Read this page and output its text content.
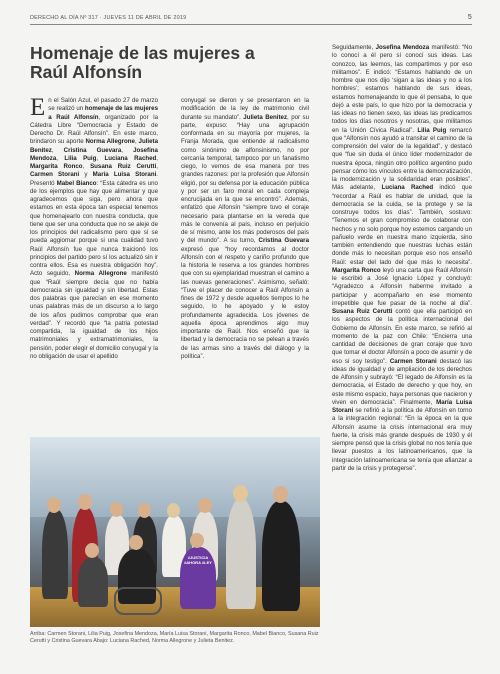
DERECHO AL DÍA Nº 317 · JUEVES 11 DE ABRIL DE 2019	5
Homenaje de las mujeres a Raúl Alfonsín

En el Salón Azul, el pasado 27 de marzo se realizó un homenaje de las mujeres a Raúl Alfonsín, organizado por la Cátedra Libre “Democracia y Estado de Derecho Dr. Raúl Alfonsín”. En este marco, brindaron su aporte Norma Allegrone, Julieta Benitez, Cristina Guevara, Josefina Mendoza, Lilia Puig, Luciana Rached, Margarita Ronco, Susana Ruiz Cerutti, Carmen Storani y María Luisa Storani. Presentó Mabel Bianco: “Esta cátedra es uno de los ejemplos que hay que alimentar y que agradecemos que siga, pero ahora que estamos en esta época tan especial tenemos que homenajearlo con nuestra conducta, que tiene que ser una conducta que no se aleje de los principios del radicalismo pero que sí se pueda aggiornar porque si una cualidad tuvo Raúl Alfonsín fue que nunca traicionó los principios del partido pero sí los actualizó sin ir contra ellos. Esa es nuestra obligación hoy”. Acto seguido, Norma Allegrone manifestó que “Raúl siempre decía que no había democracia sin igualdad y sin libertad. Estas dos palabras que parecían en ese momento unas palabras más de un discurso a lo largo de los años pudimos comprobar que eran verdad”. Y recordó que “la patria potestad compartida, la igualdad de los hijos matrimoniales y extramatrimoniales, la pensión, poder elegir el domicilio conyugal y la no obligación de usar el apellido

conyugal se dieron y se presentaron en la modificación de la ley de matrimonio civil durante su mandato”. Julieta Benitez, por su parte, expuso: “Hay una agrupación conformada en su mayoría por mujeres, la Franja Morada, que entiende al radicalismo como sinónimo de alfonsinismo, no por cercanía temporal, tampoco por un fanatismo ciego, lo vemos de esa manera por tres grandes razones: por la profesión que Alfonsín eligió, por su defensa por la educación pública y por ser un faro moral en cada compleja encrucijada en la que se encontró”. Además, enfatizó que Alfonsín “siempre tuvo el coraje necesario para plantarse en la vereda que más le convenía al país, incluso en perjuicio de sí mismo, ante los más poderosos del país y del mundo”. A su turno, Cristina Guevara expresó que “hoy recordamos al doctor Alfonsín con el respeto y cariño profundo que la historia le reserva a los grandes hombres que con su ejemplaridad muestran el camino a las nuevas generaciones”. Asimismo, señaló: “Tuve el placer de conocer a Raúl Alfonsín a fines de 1972 y desde aquellos tiempos lo he seguido, lo he apoyado y le estoy profundamente agradecida. Los jóvenes de aquella época aprendimos algo muy importante de Raúl. Nos enseñó que la libertad y la democracia no se pelean a través de las armas sino a través del diálogo y la política”.

Seguidamente, Josefina Mendoza manifestó: “No lo conocí a él pero sí conocí sus ideas. Las conozco, las leemos, las compartimos y por eso militamos”. E indicó: “Estamos hablando de un hombre que nos dijo ‘sigan a las ideas y no a los hombres’; estamos hablando de sus ideas, estamos homenajeando lo que él pensaba, lo que dejó a este país, lo que hizo por la democracia y las ideas no tienen sexo, las ideas las predicamos todos los días nosotros y nosotras, que militamos en la Unión Cívica Radical”. Lilia Puig remarcó que “Alfonsín nos ayudó a transitar el camino de la comprensión del valor de la legalidad”, y destacó que “fue sin duda el único líder modernizador de nuestra época, ningún otro político argentino pudo pensar cómo los vínculos entre la democratización, la modernización y la solidaridad eran posibles”. Más adelante, Luciana Rached indicó que “recordar a Raúl es hablar de unidad, que la democracia se la cuida, se la protege y se la construye todos los días”. También, sostuvo: “Tenemos el gran compromiso de colaborar con hechos y no solo porque hoy estemos cargando un pañuelo verde en nuestra mano izquierda, sino también entendiendo que nuestras luchas están donde más lo necesitan porque eso nos enseñó Raúl: estar del lado del que más lo necesita”. Margarita Ronco leyó una carta que Raúl Alfonsín le escribió a José Ignacio López y concluyó: “Agradezco a Alfonsín haberme invitado a participar y acompañarlo en ese momento irrepetible que fue pasar de la noche al día”. Susana Ruiz Cerutti contó que ella participó en los aspectos de la política internacional del Gobierno de Alfonsín. En este marco, se refirió al momento de la paz con Chile: “Encierra una cantidad de decisiones de gran coraje que tuvo que tomar el doctor Alfonsín a poco de asumir y de eso sí soy testigo”. Carmen Storani destacó las ideas de igualdad y de ampliación de los derechos de Alfonsín y subrayó: “El legado de Alfonsín es la democracia, el Estado de derecho y que hoy, en este mismo espacio, haya personas que nacieron y viven en democracia”. Finalmente, María Luisa Storani se refirió a la política de Alfonsín en torno a la integración regional: “En la época en la que Alfonsín asume la crisis internacional era muy fuerte, la crisis más grande después de 1930 y él siempre pensó que la crisis global no nos tenía que llevar puestos a los latinoamericanos, que la integración latinoamericana se tenía que afianzar a partir de la crisis y protegerse”.

#JUSTICIA #AHORA #LEY
Arriba: Carmen Storani, Lilia Puig, Josefina Mendoza, María Luisa Storani, Margarita Ronco, Mabel Bianco, Susana Ruiz Cerutti y Cristina Guevara Abajo: Luciana Rached, Norma Allegrone y Julieta Benitez.
